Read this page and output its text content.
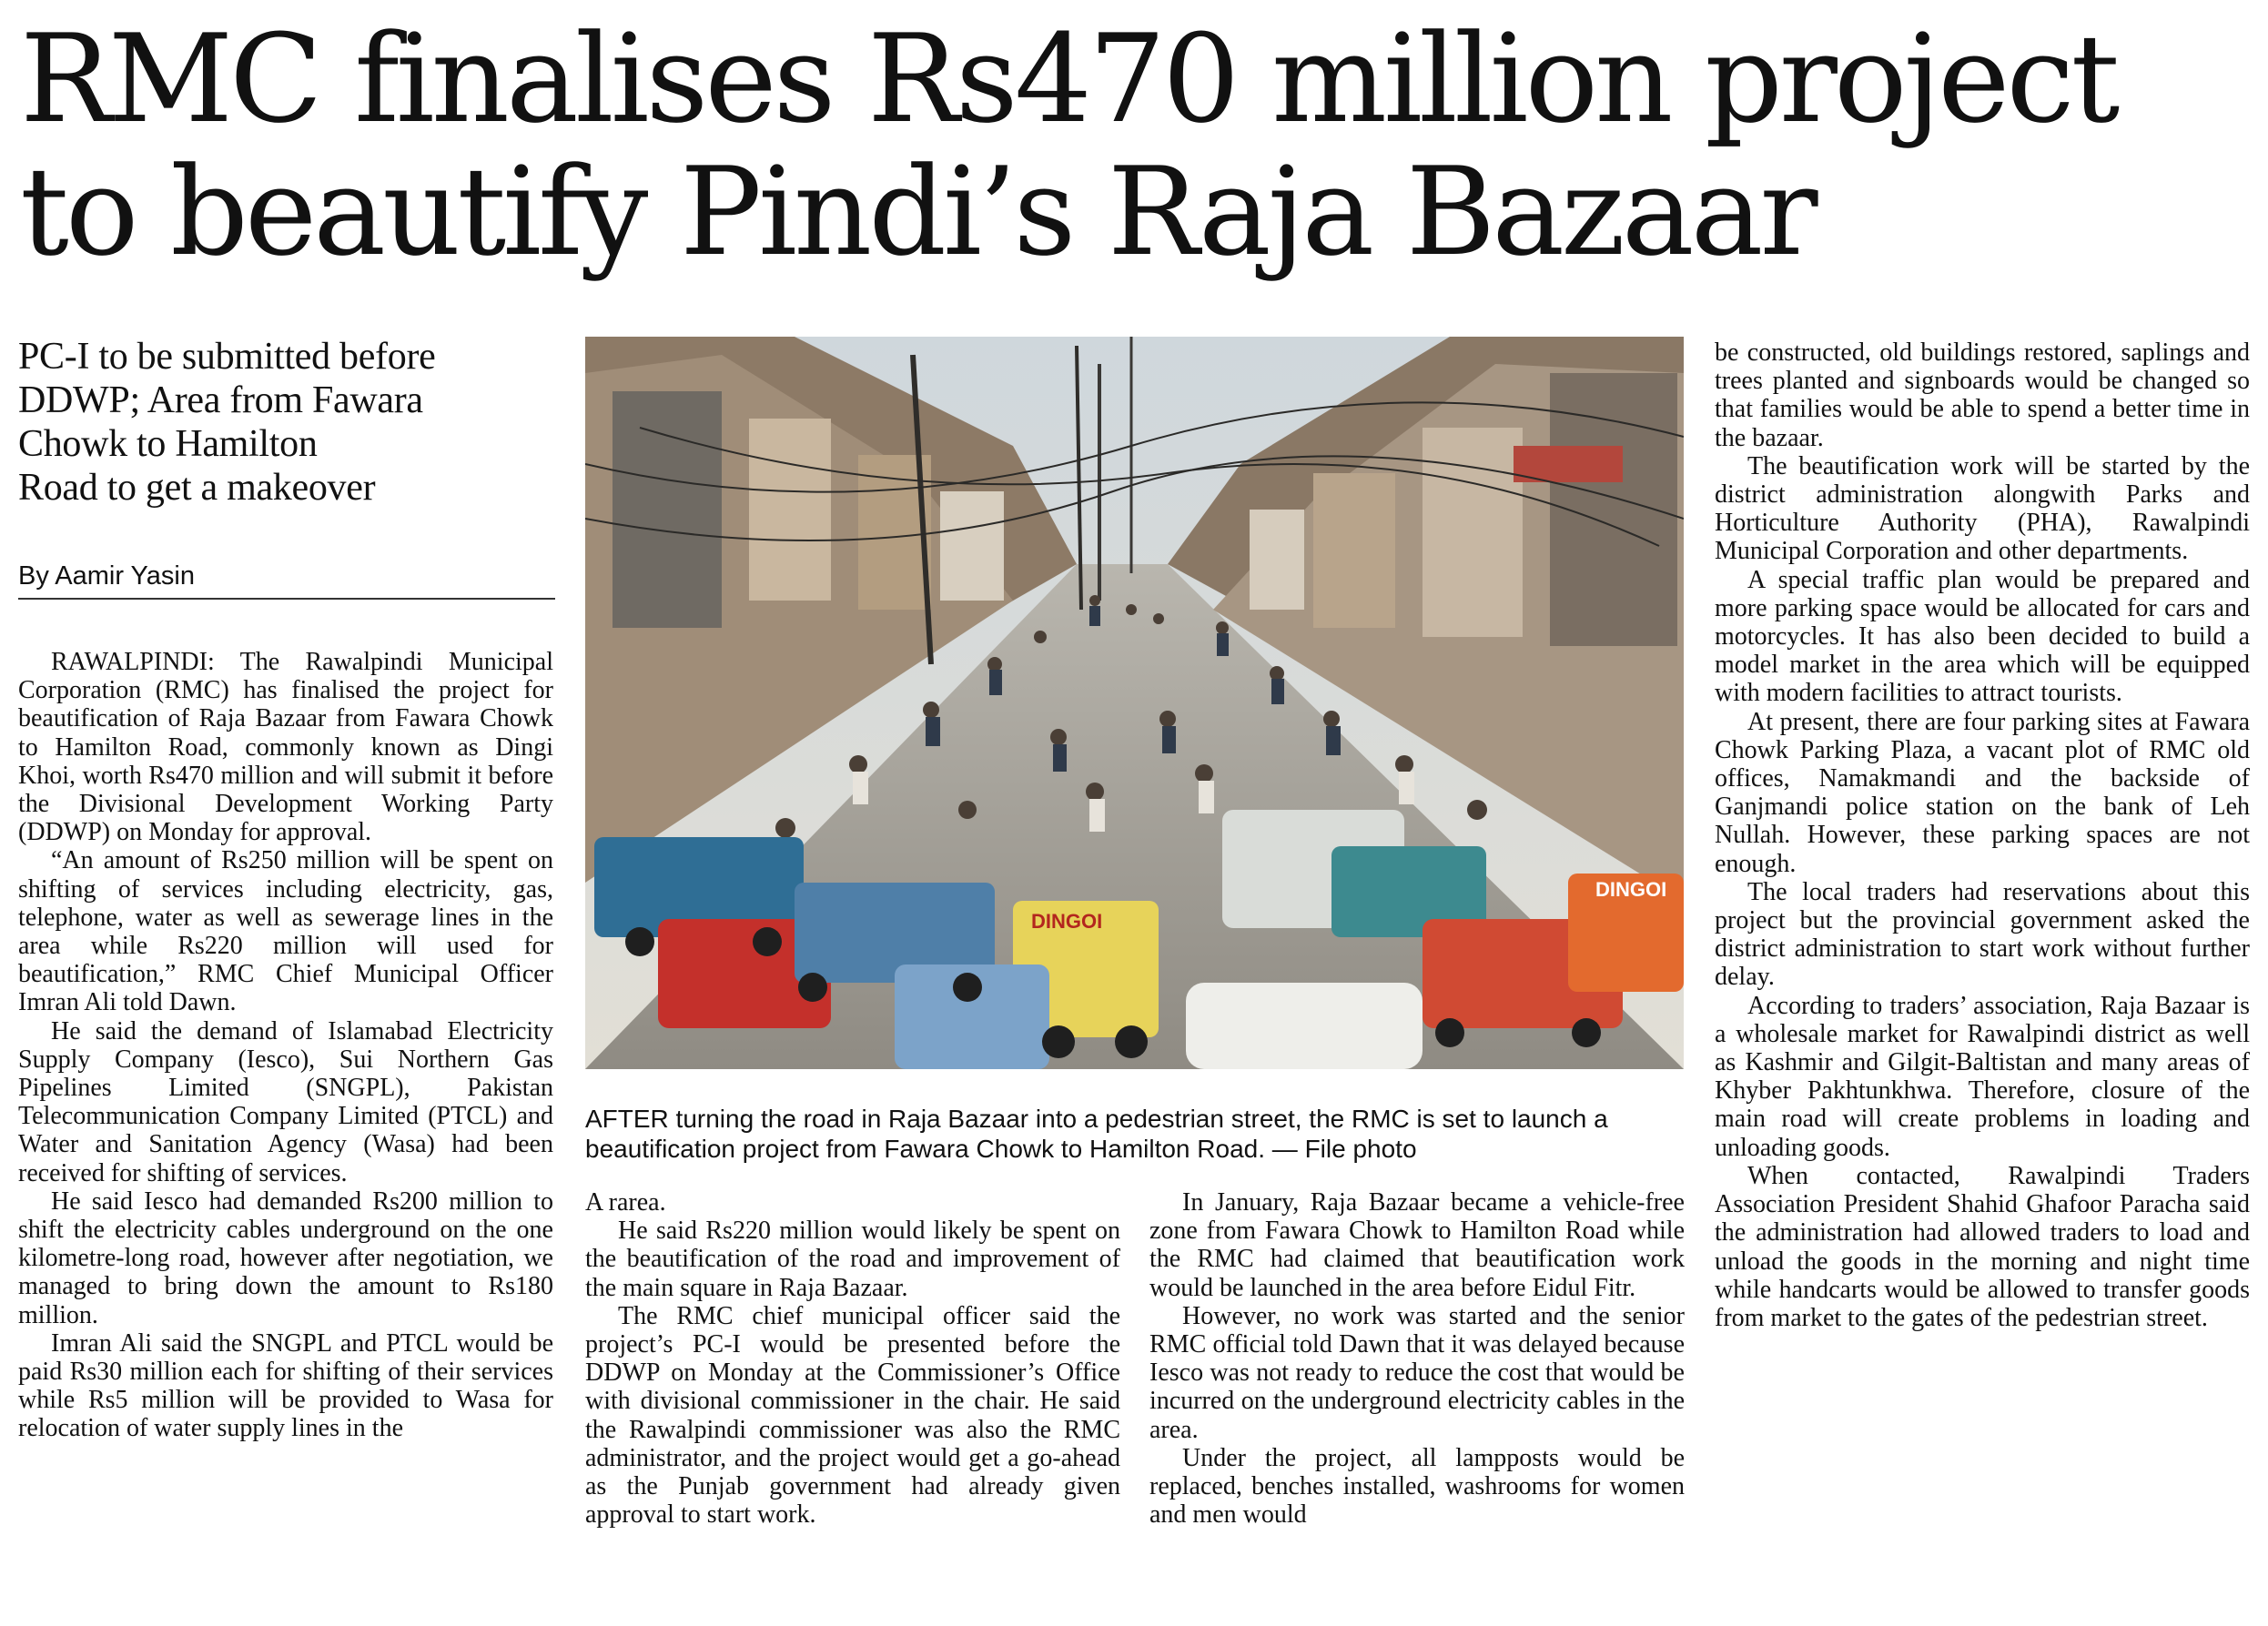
RMC finalises Rs470 million project
to beautify Pindi’s Raja Bazaar
PC-I to be submitted before
DDWP; Area from Fawara
Chowk to Hamilton
Road to get a makeover
By Aamir Yasin

RAWALPINDI: The Rawalpindi Municipal Corporation (RMC) has finalised the project for beautification of Raja Bazaar from Fawara Chowk to Hamilton Road, commonly known as Dingi Khoi, worth Rs470 million and will submit it before the Divisional Development Working Party (DDWP) on Monday for approval.

“An amount of Rs250 million will be spent on shifting of services including electricity, gas, telephone, water as well as sewerage lines in the area while Rs220 million will used for beautification,” RMC Chief Municipal Officer Imran Ali told Dawn.

He said the demand of Islamabad Electricity Supply Company (Iesco), Sui Northern Gas Pipelines Limited (SNGPL), Pakistan Telecommunication Company Limited (PTCL) and Water and Sanitation Agency (Wasa) had been received for shifting of services.

He said Iesco had demanded Rs200 million to shift the electricity cables underground on the one kilometre-long road, however after negotiation, we managed to bring down the amount to Rs180 million.

Imran Ali said the SNGPL and PTCL would be paid Rs30 million each for shifting of their services while Rs5 million will be provided to Wasa for relocation of water supply lines in the

DINGOI
DINGOI
AFTER turning the road in Raja Bazaar into a pedestrian street, the RMC is set to launch a beautification project from Fawara Chowk to Hamilton Road. — File photo

A rarea.

He said Rs220 million would likely be spent on the beautification of the road and improvement of the main square in Raja Bazaar.

The RMC chief municipal officer said the project’s PC-I would be presented before the DDWP on Monday at the Commissioner’s Office with divisional commissioner in the chair. He said the Rawalpindi commissioner was also the RMC administrator, and the project would get a go-ahead as the Punjab government had already given approval to start work.

In January, Raja Bazaar became a vehicle-free zone from Fawara Chowk to Hamilton Road while the RMC had claimed that beautification work would be launched in the area before Eidul Fitr.

However, no work was started and the senior RMC official told Dawn that it was delayed because Iesco was not ready to reduce the cost that would be incurred on the underground electricity cables in the area.

Under the project, all lampposts would be replaced, benches installed, washrooms for women and men would

be constructed, old buildings restored, saplings and trees planted and signboards would be changed so that families would be able to spend a better time in the bazaar.

The beautification work will be started by the district administration alongwith Parks and Horticulture Authority (PHA), Rawalpindi Municipal Corporation and other departments.

A special traffic plan would be prepared and more parking space would be allocated for cars and motorcycles. It has also been decided to build a model market in the area which will be equipped with modern facilities to attract tourists.

At present, there are four parking sites at Fawara Chowk Parking Plaza, a vacant plot of RMC old offices, Namakmandi and the backside of Ganjmandi police station on the bank of Leh Nullah. However, these parking spaces are not enough.

The local traders had reservations about this project but the provincial government asked the district administration to start work without further delay.

According to traders’ association, Raja Bazaar is a wholesale market for Rawalpindi district as well as Kashmir and Gilgit-Baltistan and many areas of Khyber Pakhtunkhwa. Therefore, closure of the main road will create problems in loading and unloading goods.

When contacted, Rawalpindi Traders Association President Shahid Ghafoor Paracha said the administration had allowed traders to load and unload the goods in the morning and night time while handcarts would be allowed to transfer goods from market to the gates of the pedestrian street.
